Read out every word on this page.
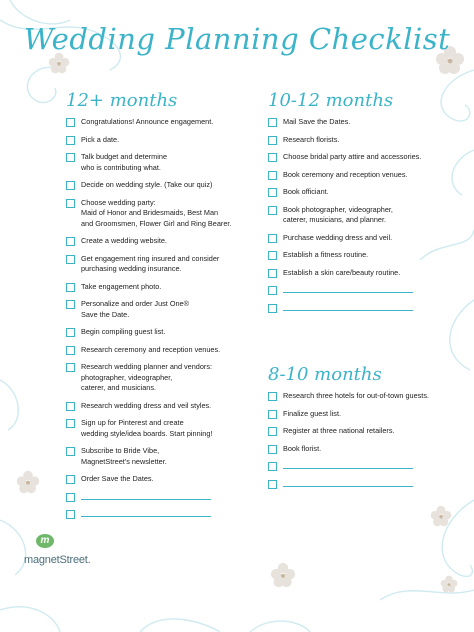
Wedding Planning Checklist
12+ months
Congratulations! Announce engagement.
Pick a date.
Talk budget and determine
who is contributing what.
Decide on wedding style. (Take our quiz)
Choose wedding party:
Maid of Honor and Bridesmaids, Best Man
and Groomsmen, Flower Girl and Ring Bearer.
Create a wedding website.
Get engagement ring insured and consider
purchasing wedding insurance.
Take engagement photo.
Personalize and order Just One®
Save the Date.
Begin compiling guest list.
Research ceremony and reception venues.
Research wedding planner and vendors:
photographer, videographer,
caterer, and musicians.
Research wedding dress and veil styles.
Sign up for Pinterest and create
wedding style/idea boards. Start pinning!
Subscribe to Bride Vibe,
MagnetStreet's newsletter.
Order Save the Dates.
10-12 months
Mail Save the Dates.
Research florists.
Choose bridal party attire and accessories.
Book ceremony and reception venues.
Book officiant.
Book photographer, videographer,
caterer, musicians, and planner.
Purchase wedding dress and veil.
Establish a fitness routine.
Establish a skin care/beauty routine.
8-10 months
Research three hotels for out-of-town guests.
Finalize guest list.
Register at three national retailers.
Book florist.
m
magnetStreet.
